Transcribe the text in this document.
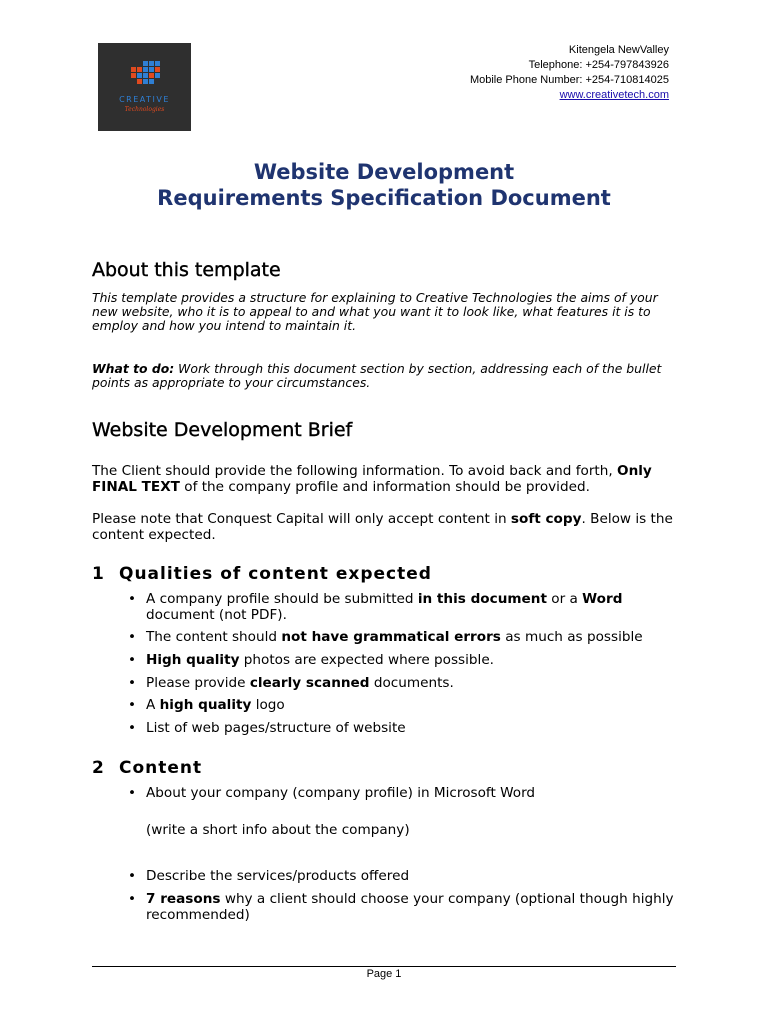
CREATIVE
Technologies
Kitengela NewValley
Telephone: +254-797843926
Mobile Phone Number: +254-710814025
www.creativetech.com
Website Development
Requirements Specification Document
About this template

This template provides a structure for explaining to Creative Technologies the aims of your new website, who it is to appeal to and what you want it to look like, what features it is to employ and how you intend to maintain it.

What to do: Work through this document section by section, addressing each of the bullet points as appropriate to your circumstances.

Website Development Brief

The Client should provide the following information. To avoid back and forth, Only FINAL TEXT of the company profile and information should be provided.

Please note that Conquest Capital will only accept content in soft copy. Below is the content expected.

1 Qualities of content expected
• A company profile should be submitted in this document or a Word document (not PDF).
• The content should not have grammatical errors as much as possible
• High quality photos are expected where possible.
• Please provide clearly scanned documents.
• A high quality logo
• List of web pages/structure of website
2 Content
• About your company (company profile) in Microsoft Word
(write a short info about the company)
• Describe the services/products offered
• 7 reasons why a client should choose your company (optional though highly recommended)
Page 1
